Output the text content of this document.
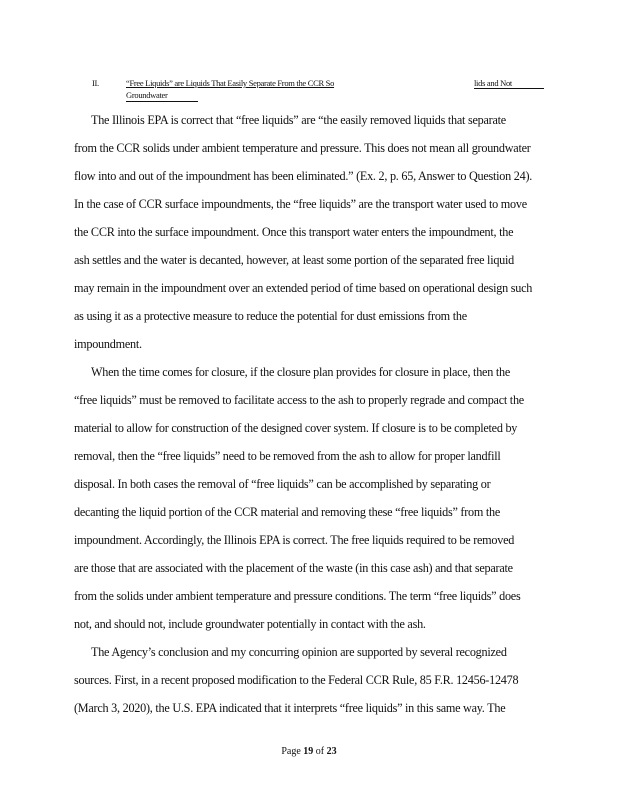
II.	“Free Liquids” are Liquids That Easily Separate From the CCR So	lids and Not
Groundwater
The Illinois EPA is correct that “free liquids” are “the easily removed liquids that separate
from the CCR solids under ambient temperature and pressure. This does not mean all groundwater
flow into and out of the impoundment has been eliminated.” (Ex. 2, p. 65, Answer to Question 24).
In the case of CCR surface impoundments, the “free liquids” are the transport water used to move
the CCR into the surface impoundment. Once this transport water enters the impoundment, the
ash settles and the water is decanted, however, at least some portion of the separated free liquid
may remain in the impoundment over an extended period of time based on operational design such
as using it as a protective measure to reduce the potential for dust emissions from the
impoundment.
When the time comes for closure, if the closure plan provides for closure in place, then the
“free liquids” must be removed to facilitate access to the ash to properly regrade and compact the
material to allow for construction of the designed cover system. If closure is to be completed by
removal, then the “free liquids” need to be removed from the ash to allow for proper landfill
disposal. In both cases the removal of “free liquids” can be accomplished by separating or
decanting the liquid portion of the CCR material and removing these “free liquids” from the
impoundment. Accordingly, the Illinois EPA is correct. The free liquids required to be removed
are those that are associated with the placement of the waste (in this case ash) and that separate
from the solids under ambient temperature and pressure conditions. The term “free liquids” does
not, and should not, include groundwater potentially in contact with the ash.
The Agency’s conclusion and my concurring opinion are supported by several recognized
sources. First, in a recent proposed modification to the Federal CCR Rule, 85 F.R. 12456-12478
(March 3, 2020), the U.S. EPA indicated that it interprets “free liquids” in this same way. The
Page 19 of 23
